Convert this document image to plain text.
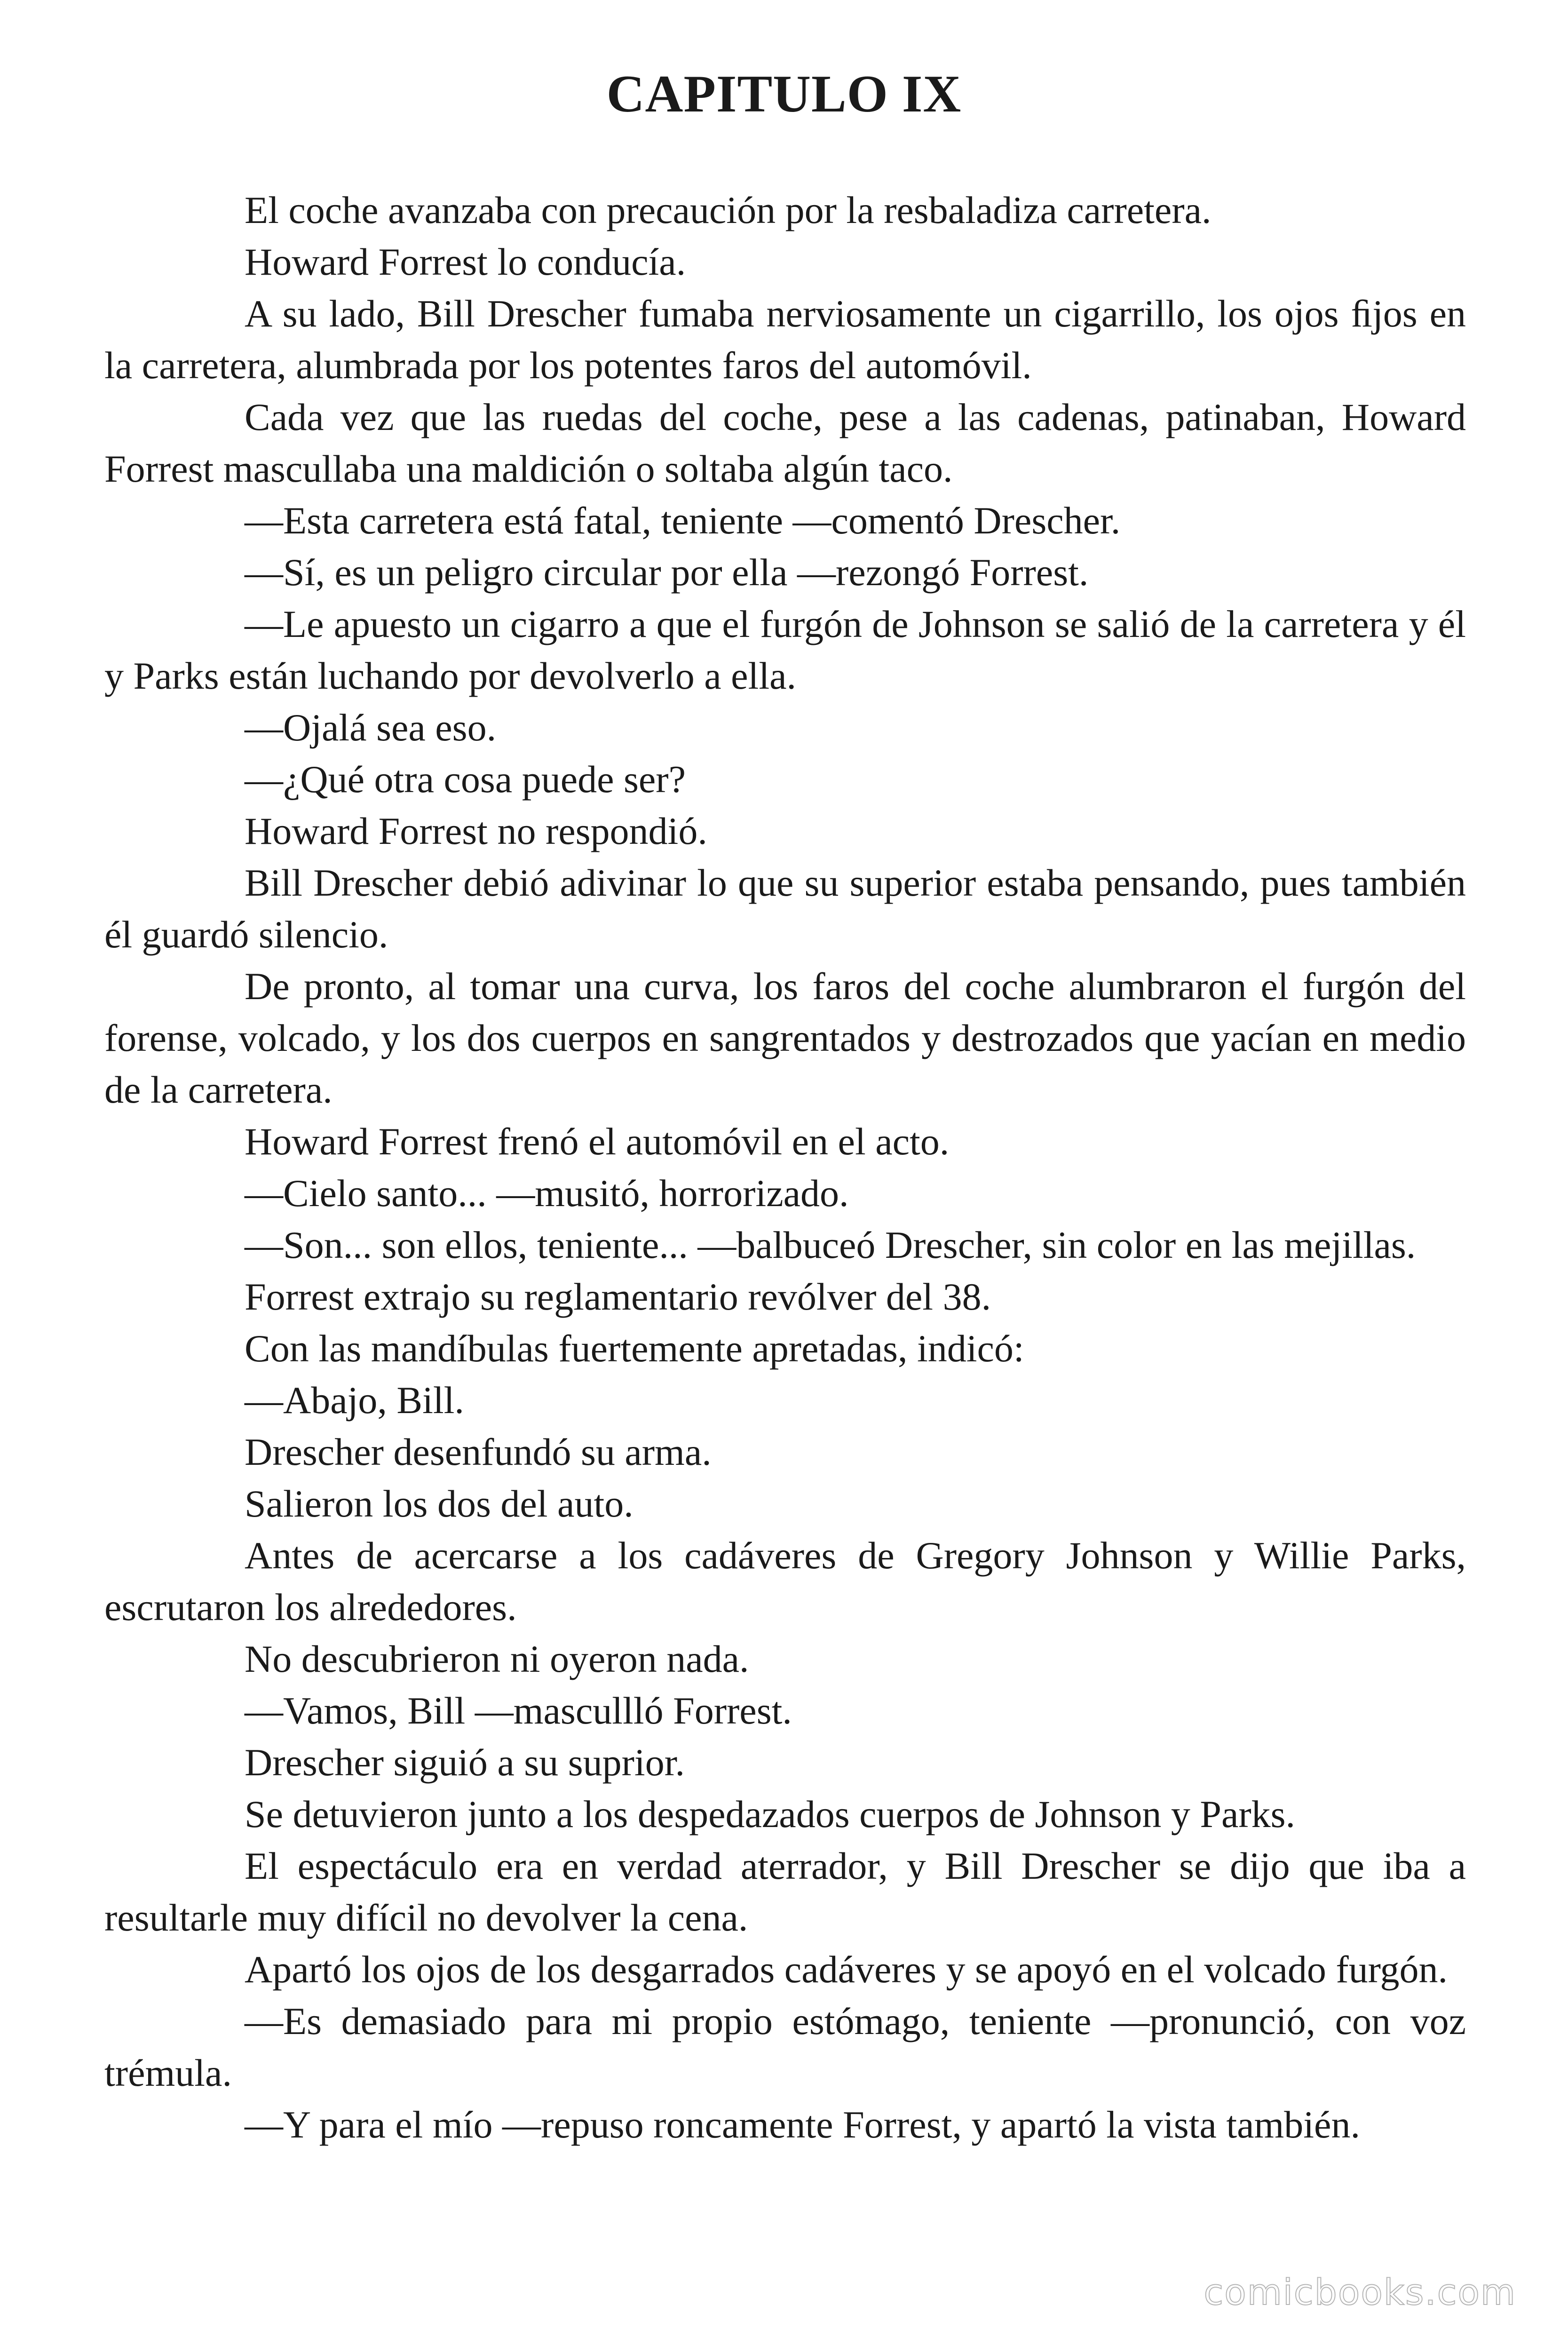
CAPITULO IX

El coche avanzaba con precaución por la resbaladiza carretera.

Howard Forrest lo conducía.

A su lado, Bill Drescher fumaba nerviosamente un cigarrillo, los ojos ﬁjos en la carretera, alumbrada por los potentes faros del automóvil.

Cada vez que las ruedas del coche, pese a las cadenas, patinaban, Howard Forrest mascullaba una maldición o soltaba algún taco.

—Esta carretera está fatal, teniente —comentó Drescher.

—Sí, es un peligro circular por ella —rezongó Forrest.

—Le apuesto un cigarro a que el furgón de Johnson se salió de la carretera y él y Parks están luchando por devolverlo a ella.

—Ojalá sea eso.

—¿Qué otra cosa puede ser?

Howard Forrest no respondió.

Bill Drescher debió adivinar lo que su superior estaba pensando, pues también él guardó silencio.

De pronto, al tomar una curva, los faros del coche alumbraron el furgón del forense, volcado, y los dos cuerpos en sangrentados y destrozados que yacían en medio de la carretera.

Howard Forrest frenó el automóvil en el acto.

—Cielo santo... —musitó, horrorizado.

—Son... son ellos, teniente... —balbuceó Drescher, sin color en las mejillas.

Forrest extrajo su reglamentario revólver del 38.

Con las mandíbulas fuertemente apretadas, indicó:

—Abajo, Bill.

Drescher desenfundó su arma.

Salieron los dos del auto.

Antes de acercarse a los cadáveres de Gregory Johnson y Willie Parks, escrutaron los alrededores.

No descubrieron ni oyeron nada.

—Vamos, Bill —mascullló Forrest.

Drescher siguió a su suprior.

Se detuvieron junto a los despedazados cuerpos de Johnson y Parks.

El espectáculo era en verdad aterrador, y Bill Drescher se dijo que iba a resultarle muy difícil no devolver la cena.

Apartó los ojos de los desgarrados cadáveres y se apoyó en el volcado furgón.

—Es demasiado para mi propio estómago, teniente —pronunció, con voz trémula.

—Y para el mío —repuso roncamente Forrest, y apartó la vista también.

comicbooks.com
